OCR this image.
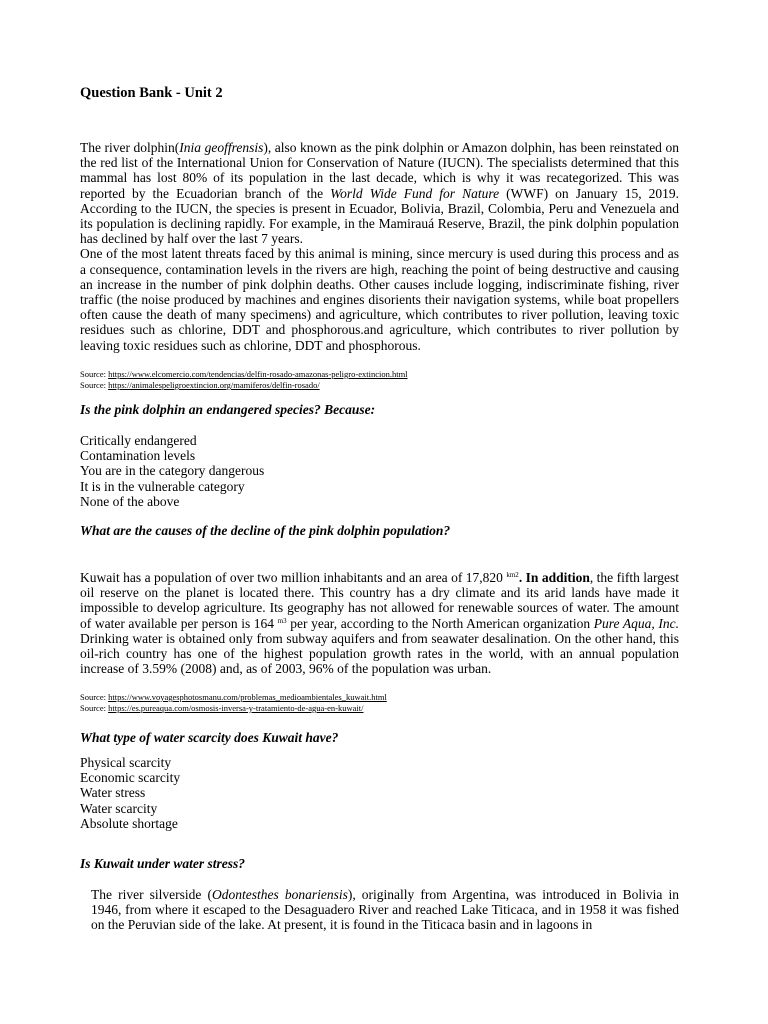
Question Bank - Unit 2

The river dolphin(Inia geoffrensis), also known as the pink dolphin or Amazon dolphin, has been reinstated on the red list of the International Union for Conservation of Nature (IUCN). The specialists determined that this mammal has lost 80% of its population in the last decade, which is why it was recategorized. This was reported by the Ecuadorian branch of the World Wide Fund for Nature (WWF) on January 15, 2019. According to the IUCN, the species is present in Ecuador, Bolivia, Brazil, Colombia, Peru and Venezuela and its population is declining rapidly. For example, in the Mamirauá Reserve, Brazil, the pink dolphin population has declined by half over the last 7 years.

One of the most latent threats faced by this animal is mining, since mercury is used during this process and as a consequence, contamination levels in the rivers are high, reaching the point of being destructive and causing an increase in the number of pink dolphin deaths. Other causes include logging, indiscriminate fishing, river traffic (the noise produced by machines and engines disorients their navigation systems, while boat propellers often cause the death of many specimens) and agriculture, which contributes to river pollution, leaving toxic residues such as chlorine, DDT and phosphorous.and agriculture, which contributes to river pollution by leaving toxic residues such as chlorine, DDT and phosphorous.

Source: https://www.elcomercio.com/tendencias/delfin-rosado-amazonas-peligro-extincion.html
Source: https://animalespeligroextincion.org/mamiferos/delfin-rosado/
Is the pink dolphin an endangered species? Because:
Critically endangered
Contamination levels
You are in the category dangerous
It is in the vulnerable category
None of the above
What are the causes of the decline of the pink dolphin population?

Kuwait has a population of over two million inhabitants and an area of 17,820 $^{km2}$. In addition, the fifth largest oil reserve on the planet is located there. This country has a dry climate and its arid lands have made it impossible to develop agriculture. Its geography has not allowed for renewable sources of water. The amount of water available per person is 164 $^{m3}$ per year, according to the North American organization Pure Aqua, Inc. Drinking water is obtained only from subway aquifers and from seawater desalination. On the other hand, this oil-rich country has one of the highest population growth rates in the world, with an annual population increase of 3.59% (2008) and, as of 2003, 96% of the population was urban.

Source: https://www.voyagesphotosmanu.com/problemas_medioambientales_kuwait.html
Source: https://es.pureaqua.com/osmosis-inversa-y-tratamiento-de-agua-en-kuwait/
What type of water scarcity does Kuwait have?
Physical scarcity
Economic scarcity
Water stress
Water scarcity
Absolute shortage
Is Kuwait under water stress?

The river silverside (Odontesthes bonariensis), originally from Argentina, was introduced in Bolivia in 1946, from where it escaped to the Desaguadero River and reached Lake Titicaca, and in 1958 it was fished on the Peruvian side of the lake. At present, it is found in the Titicaca basin and in lagoons in
